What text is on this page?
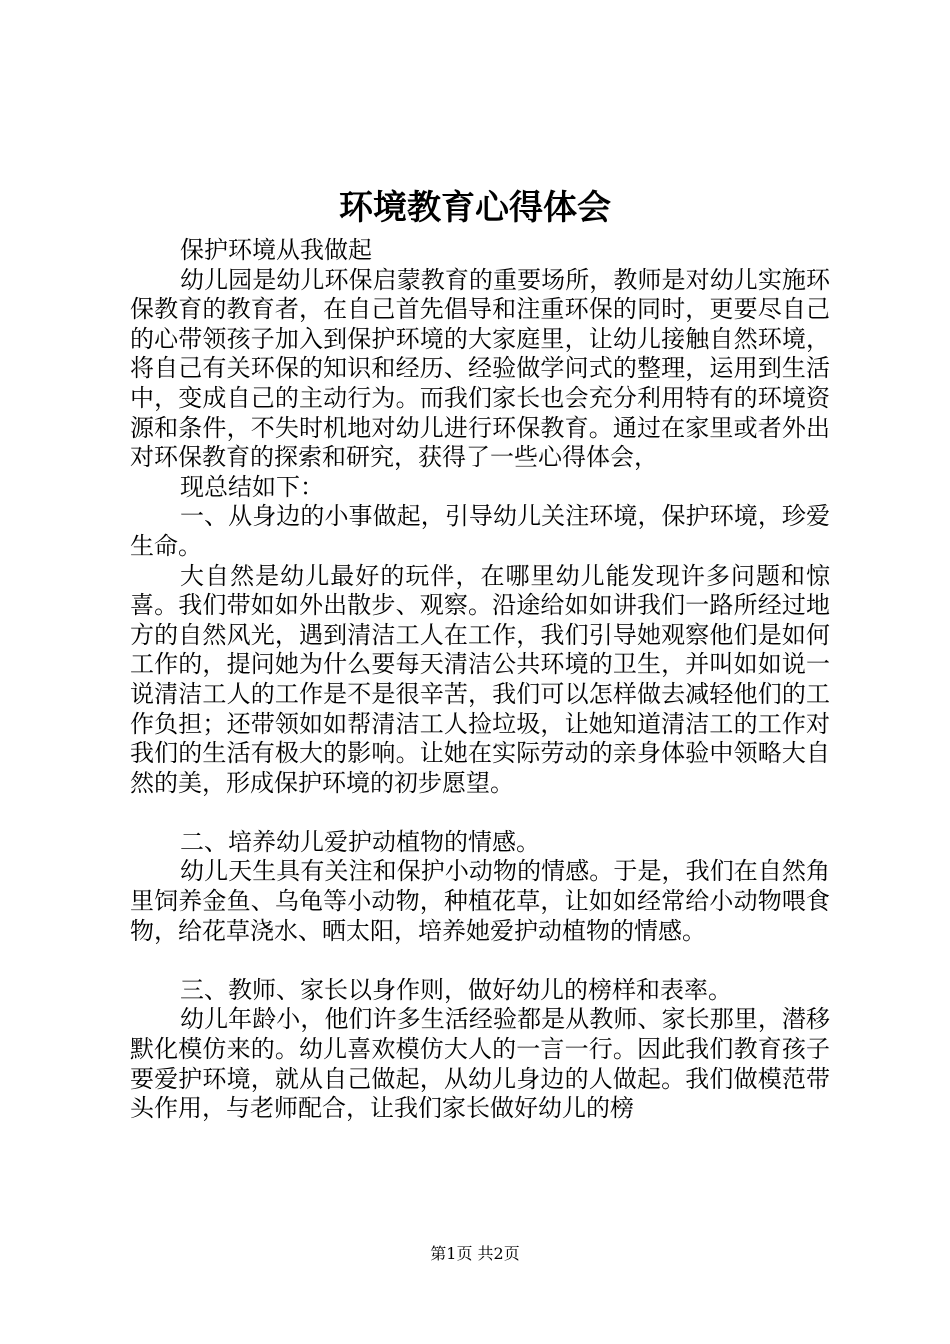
环境教育心得体会

保护环境从我做起

幼儿园是幼儿环保启蒙教育的重要场所，教师是对幼儿实施环保教育的教育者，在自己首先倡导和注重环保的同时，更要尽自己的心带领孩子加入到保护环境的大家庭里，让幼儿接触自然环境，将自己有关环保的知识和经历、经验做学问式的整理，运用到生活中，变成自己的主动行为。而我们家长也会充分利用特有的环境资源和条件，不失时机地对幼儿进行环保教育。通过在家里或者外出对环保教育的探索和研究，获得了一些心得体会，

现总结如下：

一、从身边的小事做起，引导幼儿关注环境，保护环境，珍爱生命。

大自然是幼儿最好的玩伴，在哪里幼儿能发现许多问题和惊喜。我们带如如外出散步、观察。沿途给如如讲我们一路所经过地方的自然风光，遇到清洁工人在工作，我们引导她观察他们是如何工作的，提问她为什么要每天清洁公共环境的卫生，并叫如如说一说清洁工人的工作是不是很辛苦，我们可以怎样做去减轻他们的工作负担；还带领如如帮清洁工人捡垃圾，让她知道清洁工的工作对我们的生活有极大的影响。让她在实际劳动的亲身体验中领略大自然的美，形成保护环境的初步愿望。

二、培养幼儿爱护动植物的情感。

幼儿天生具有关注和保护小动物的情感。于是，我们在自然角里饲养金鱼、乌龟等小动物，种植花草，让如如经常给小动物喂食物，给花草浇水、晒太阳，培养她爱护动植物的情感。

三、教师、家长以身作则，做好幼儿的榜样和表率。

幼儿年龄小，他们许多生活经验都是从教师、家长那里，潜移默化模仿来的。幼儿喜欢模仿大人的一言一行。因此我们教育孩子要爱护环境，就从自己做起，从幼儿身边的人做起。我们做模范带头作用，与老师配合，让我们家长做好幼儿的榜

第1页 共2页
